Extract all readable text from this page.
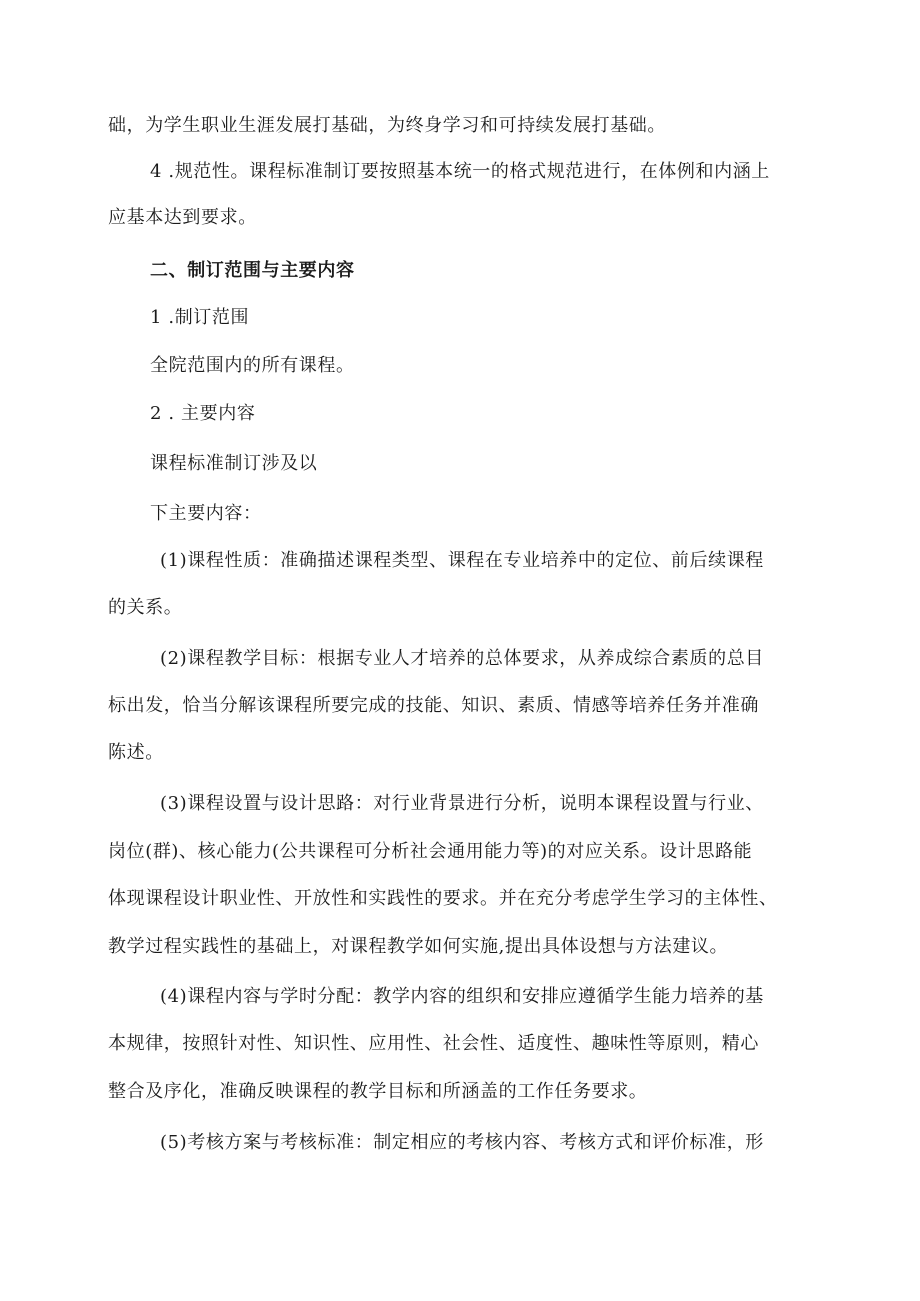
础，为学生职业生涯发展打基础，为终身学习和可持续发展打基础。
4 .规范性。课程标准制订要按照基本统一的格式规范进行，在体例和内涵上
应基本达到要求。
二、制订范围与主要内容
1 .制订范围
全院范围内的所有课程。
2 . 主要内容
课程标准制订涉及以
下主要内容：
(1)课程性质：准确描述课程类型、课程在专业培养中的定位、前后续课程
的关系。
(2)课程教学目标：根据专业人才培养的总体要求，从养成综合素质的总目
标出发，恰当分解该课程所要完成的技能、知识、素质、情感等培养任务并准确
陈述。
(3)课程设置与设计思路：对行业背景进行分析，说明本课程设置与行业、
岗位(群)、核心能力(公共课程可分析社会通用能力等)的对应关系。设计思路能
体现课程设计职业性、开放性和实践性的要求。并在充分考虑学生学习的主体性、
教学过程实践性的基础上，对课程教学如何实施,提出具体设想与方法建议。
(4)课程内容与学时分配：教学内容的组织和安排应遵循学生能力培养的基
本规律，按照针对性、知识性、应用性、社会性、适度性、趣味性等原则，精心
整合及序化，准确反映课程的教学目标和所涵盖的工作任务要求。
(5)考核方案与考核标准：制定相应的考核内容、考核方式和评价标准，形
